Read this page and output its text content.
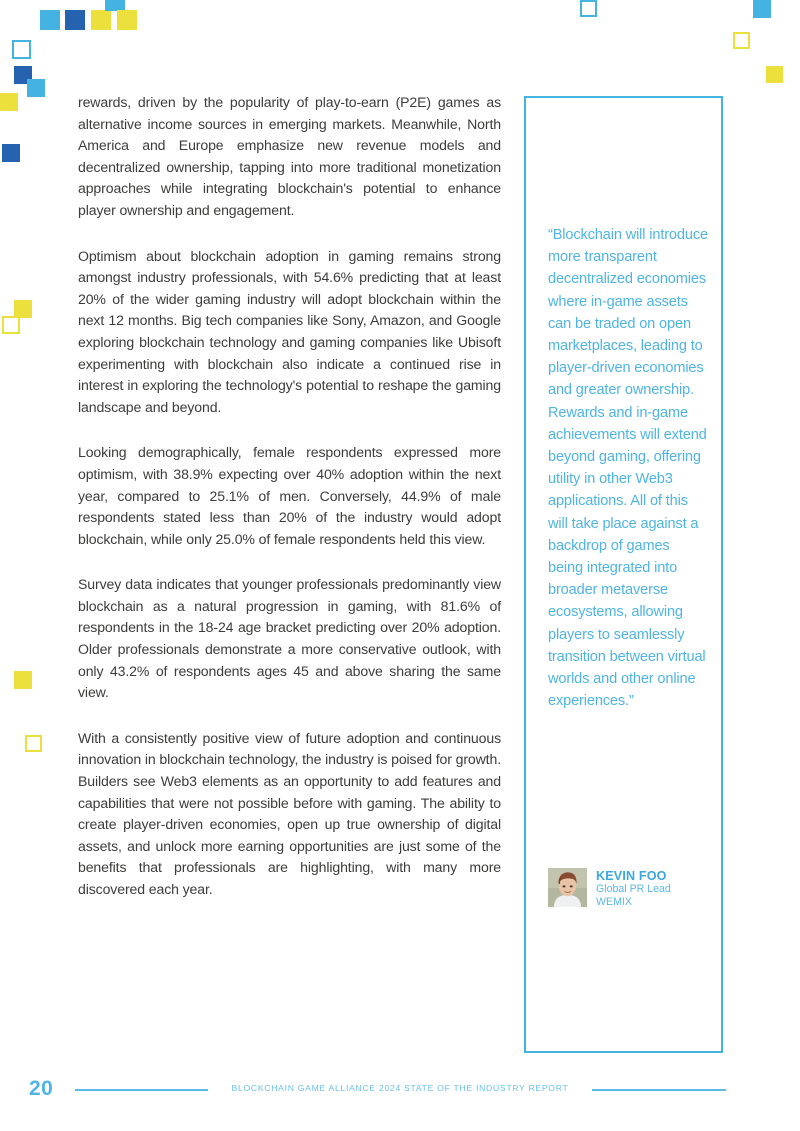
rewards, driven by the popularity of play-to-earn (P2E) games as alternative income sources in emerging markets. Meanwhile, North America and Europe emphasize new revenue models and decentralized ownership, tapping into more traditional monetization approaches while integrating blockchain's potential to enhance player ownership and engagement.

Optimism about blockchain adoption in gaming remains strong amongst industry professionals, with 54.6% predicting that at least 20% of the wider gaming industry will adopt blockchain within the next 12 months. Big tech companies like Sony, Amazon, and Google exploring blockchain technology and gaming companies like Ubisoft experimenting with blockchain also indicate a continued rise in interest in exploring the technology's potential to reshape the gaming landscape and beyond.

Looking demographically, female respondents expressed more optimism, with 38.9% expecting over 40% adoption within the next year, compared to 25.1% of men. Conversely, 44.9% of male respondents stated less than 20% of the industry would adopt blockchain, while only 25.0% of female respondents held this view.

Survey data indicates that younger professionals predominantly view blockchain as a natural progression in gaming, with 81.6% of respondents in the 18-24 age bracket predicting over 20% adoption. Older professionals demonstrate a more conservative outlook, with only 43.2% of respondents ages 45 and above sharing the same view.

With a consistently positive view of future adoption and continuous innovation in blockchain technology, the industry is poised for growth. Builders see Web3 elements as an opportunity to add features and capabilities that were not possible before with gaming. The ability to create player-driven economies, open up true ownership of digital assets, and unlock more earning opportunities are just some of the benefits that professionals are highlighting, with many more discovered each year.

“Blockchain will introduce more transparent decentralized economies where in-game assets can be traded on open marketplaces, leading to player-driven economies and greater ownership. Rewards and in-game achievements will extend beyond gaming, offering utility in other Web3 applications. All of this will take place against a backdrop of games being integrated into broader metaverse ecosystems, allowing players to seamlessly transition between virtual worlds and other online experiences.”

KEVIN FOO
Global PR Lead
WEMIX
20	BLOCKCHAIN GAME ALLIANCE 2024 STATE OF THE INDUSTRY REPORT
